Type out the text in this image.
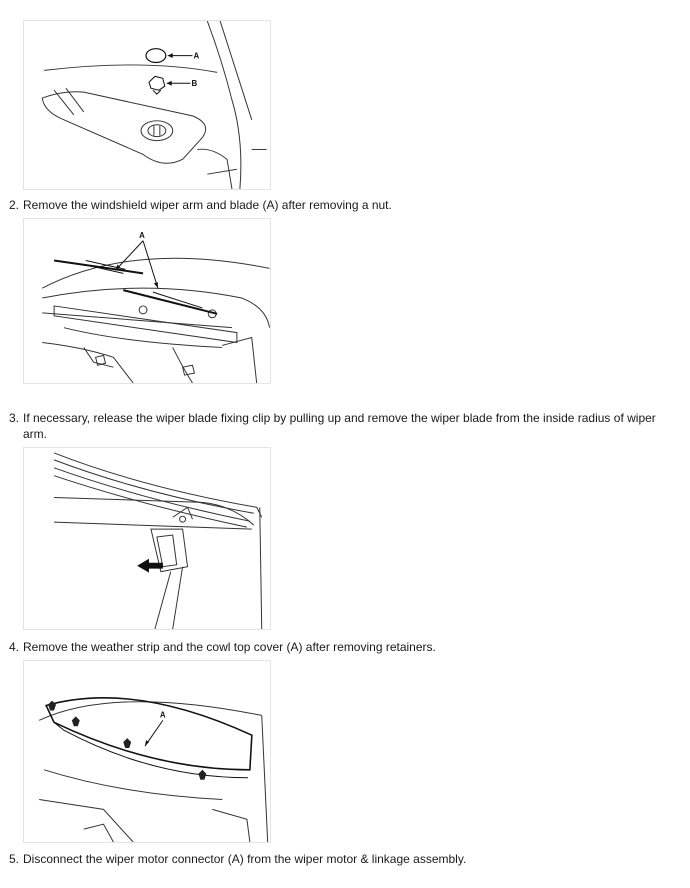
A
B
2. Remove the windshield wiper arm and blade (A) after removing a nut.
A
3. If necessary, release the wiper blade fixing clip by pulling up and remove the wiper blade from the inside radius of wiper arm.
4. Remove the weather strip and the cowl top cover (A) after removing retainers.
A
5. Disconnect the wiper motor connector (A) from the wiper motor & linkage assembly.
